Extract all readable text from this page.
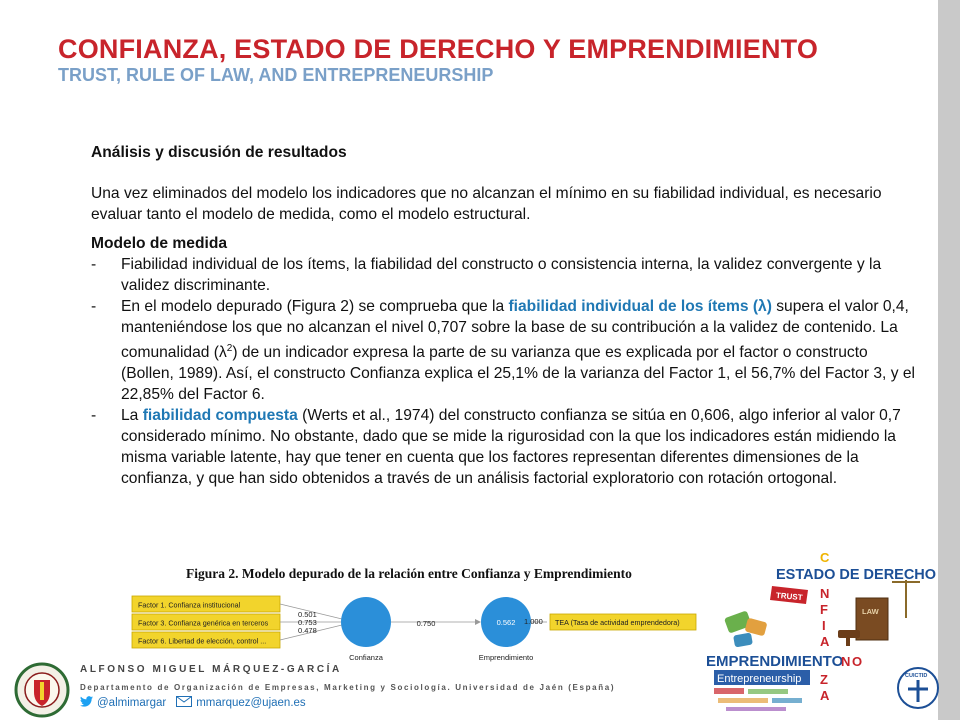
CONFIANZA, ESTADO DE DERECHO Y EMPRENDIMIENTO
TRUST, RULE OF LAW, AND ENTREPRENEURSHIP
Análisis y discusión de resultados
Una vez eliminados del modelo los indicadores que no alcanzan el mínimo en su fiabilidad individual, es necesario evaluar tanto el modelo de medida, como el modelo estructural.
Modelo de medida
- Fiabilidad individual de los ítems, la fiabilidad del constructo o consistencia interna, la validez convergente y la validez discriminante.
- En el modelo depurado (Figura 2) se comprueba que la fiabilidad individual de los ítems (λ) supera el valor 0,4, manteniéndose los que no alcanzan el nivel 0,707 sobre la base de su contribución a la validez de contenido. La comunalidad $(\lambda^2)$ de un indicador expresa la parte de su varianza que es explicada por el factor o constructo (Bollen, 1989). Así, el constructo Confianza explica el 25,1% de la varianza del Factor 1, el 56,7% del Factor 3, y el 22,85% del Factor 6.
- La fiabilidad compuesta (Werts et al., 1974) del constructo confianza se sitúa en 0,606, algo inferior al valor 0,7 considerado mínimo. No obstante, dado que se mide la rigurosidad con la que los indicadores están midiendo la misma variable latente, hay que tener en cuenta que los factores representan diferentes dimensiones de la confianza, y que han sido obtenidos a través de un análisis factorial exploratorio con rotación ortogonal.
Figura 2. Modelo depurado de la relación entre Confianza y Emprendimiento
Factor 1. Confianza institucional
Factor 3. Confianza genérica en terceros
Factor 6. Libertad de elección, control ...
0.501
0.753
0.478
Confianza
0.750	0.562
Emprendimiento
1.000 TEA (Tasa de actividad emprendedora)
C
ESTADO DE DERECHO
N
F
I
A
Z
A
TRUST
LAW
EMPRENDIMIENTO
Entrepreneurship
N O
CUICTID
ALFONSO MIGUEL MÁRQUEZ-GARCÍA
Departamento de Organización de Empresas, Marketing y Sociología. Universidad de Jaén (España)
@almimargar	mmarquez@ujaen.es
